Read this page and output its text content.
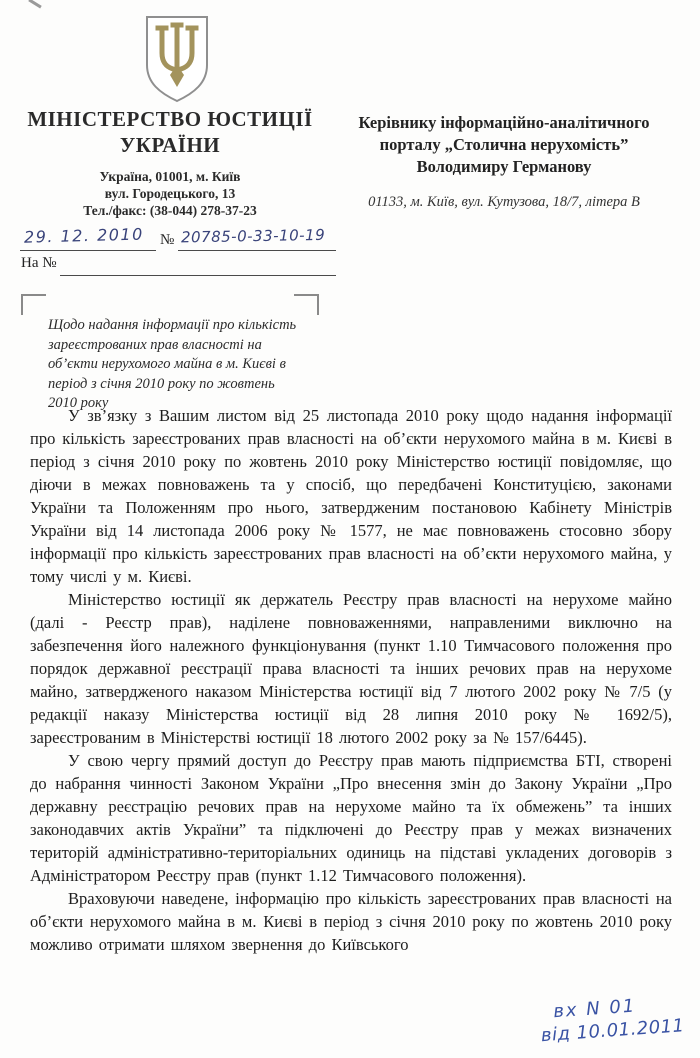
МІНІСТЕРСТВО ЮСТИЦІЇ
УКРАЇНИ
Україна, 01001, м. Київ
вул. Городецького, 13
Тел./факс: (38-044) 278-37-23
Керівнику інформаційно-аналітичного
порталу „Столична нерухомість”
Володимиру Германову
01133, м. Київ, вул. Кутузова, 18/7, літера В
29. 12. 2010	№ 20785-0-33-10-19
На №
Щодо надання інформації про кількість
зареєстрованих прав власності на
об’єкти нерухомого майна в м. Києві в
період з січня 2010 року по жовтень
2010 року

У зв’язку з Вашим листом від 25 листопада 2010 року щодо надання інформації про кількість зареєстрованих прав власності на об’єкти нерухомого майна в м. Києві в період з січня 2010 року по жовтень 2010 року Міністерство юстиції повідомляє, що діючи в межах повноважень та у спосіб, що передбачені Конституцією, законами України та Положенням про нього, затвердженим постановою Кабінету Міністрів України від 14 листопада 2006 року № 1577, не має повноважень стосовно збору інформації про кількість зареєстрованих прав власності на об’єкти нерухомого майна, у тому числі у м. Києві.

Міністерство юстиції як держатель Реєстру прав власності на нерухоме майно (далі - Реєстр прав), наділене повноваженнями, направленими виключно на забезпечення його належного функціонування (пункт 1.10 Тимчасового положення про порядок державної реєстрації права власності та інших речових прав на нерухоме майно, затвердженого наказом Міністерства юстиції від 7 лютого 2002 року № 7/5 (у редакції наказу Міністерства юстиції від 28 липня 2010 року № 1692/5), зареєстрованим в Міністерстві юстиції 18 лютого 2002 року за № 157/6445).

У свою чергу прямий доступ до Реєстру прав мають підприємства БТІ, створені до набрання чинності Законом України „Про внесення змін до Закону України „Про державну реєстрацію речових прав на нерухоме майно та їх обмежень” та інших законодавчих актів України” та підключені до Реєстру прав у межах визначених територій адміністративно-територіальних одиниць на підставі укладених договорів з Адміністратором Реєстру прав (пункт 1.12 Тимчасового положення).

Враховуючи наведене, інформацію про кількість зареєстрованих прав власності на об’єкти нерухомого майна в м. Києві в період з січня 2010 року по жовтень 2010 року можливо отримати шляхом звернення до Київського

вх N 01
від 10.01.2011
